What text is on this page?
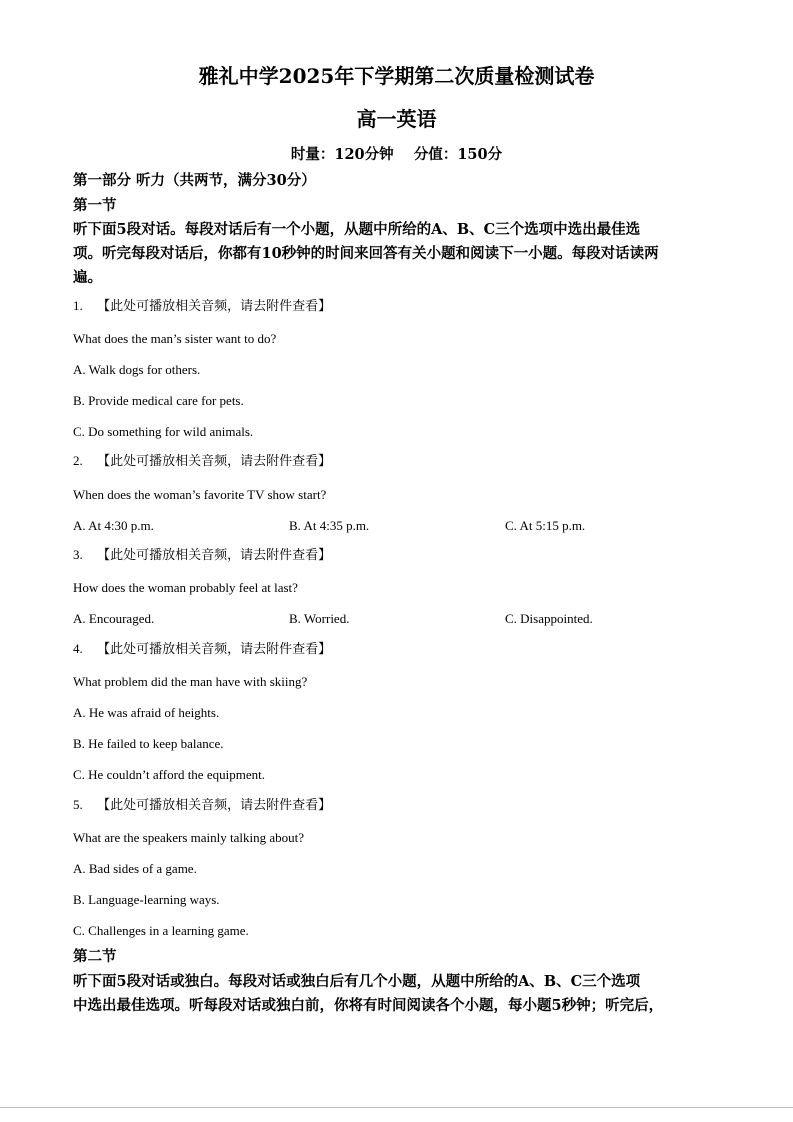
雅礼中学2025年下学期第二次质量检测试卷
高一英语
时量：120分钟    分值：150分
第一部分 听力（共两节，满分30分）
第一节
听下面5段对话。每段对话后有一个小题，从题中所给的A、B、C三个选项中选出最佳选
项。听完每段对话后，你都有10秒钟的时间来回答有关小题和阅读下一小题。每段对话读两
遍。
1. 【此处可播放相关音频，请去附件查看】
What does the man’s sister want to do?
A. Walk dogs for others.
B. Provide medical care for pets.
C. Do something for wild animals.
2. 【此处可播放相关音频，请去附件查看】
When does the woman’s favorite TV show start?
A. At 4:30 p.m.	B. At 4:35 p.m.	C. At 5:15 p.m.
3. 【此处可播放相关音频，请去附件查看】
How does the woman probably feel at last?
A. Encouraged.	B. Worried.	C. Disappointed.
4. 【此处可播放相关音频，请去附件查看】
What problem did the man have with skiing?
A. He was afraid of heights.
B. He failed to keep balance.
C. He couldn’t afford the equipment.
5. 【此处可播放相关音频，请去附件查看】
What are the speakers mainly talking about?
A. Bad sides of a game.
B. Language-learning ways.
C. Challenges in a learning game.
第二节
听下面5段对话或独白。每段对话或独白后有几个小题，从题中所给的A、B、C三个选项
中选出最佳选项。听每段对话或独白前，你将有时间阅读各个小题，每小题5秒钟；听完后，
